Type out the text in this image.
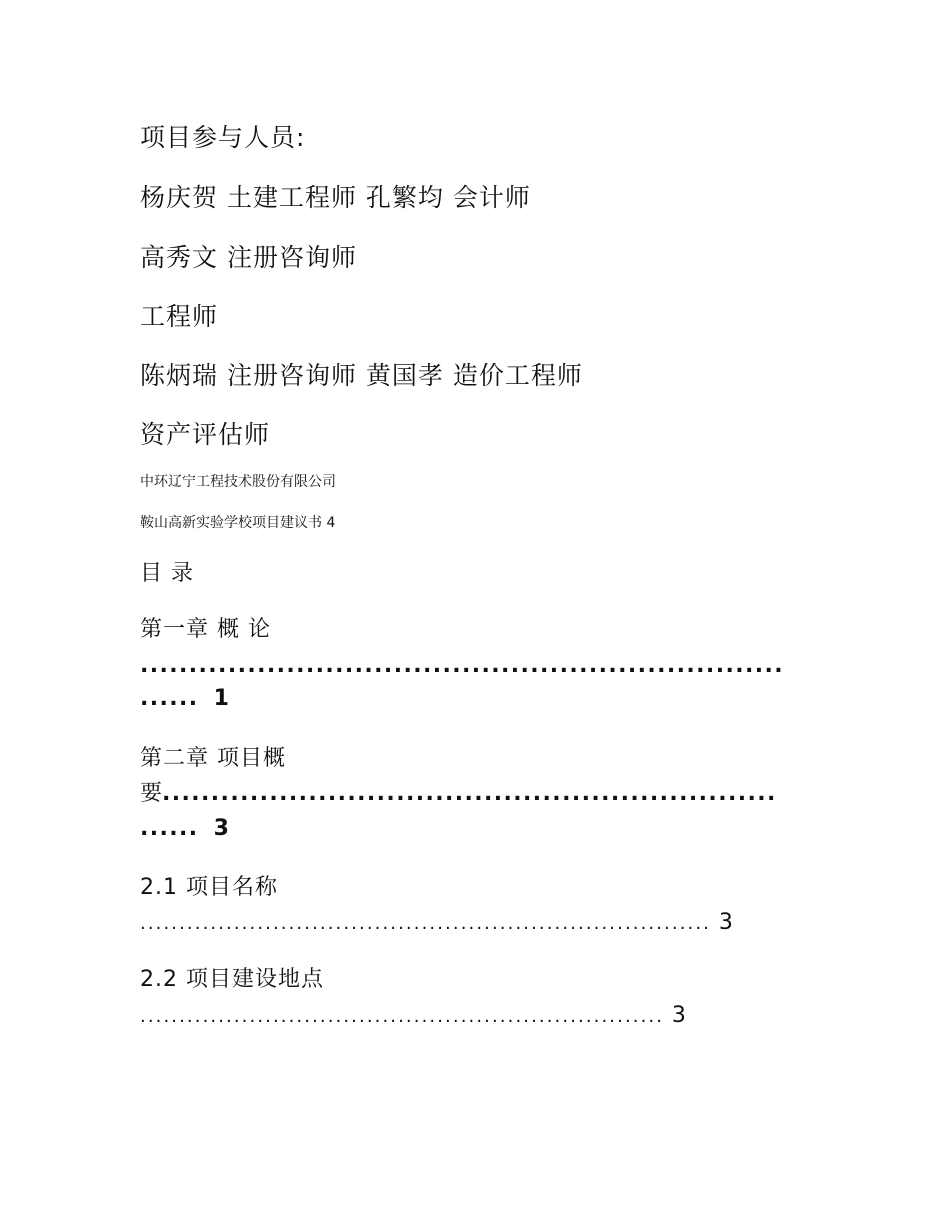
项目参与人员:
杨庆贺 土建工程师 孔繁均 会计师
高秀文 注册咨询师
工程师
陈炳瑞 注册咨询师 黄国孝 造价工程师
资产评估师
中环辽宁工程技术股份有限公司
鞍山高新实验学校项目建议书 4
目 录
第一章 概 论
..................................................................
...... 1
第二章 项目概
要...............................................................
...... 3
2.1 项目名称
......................................................................... 3
2.2 项目建设地点
................................................................... 3
